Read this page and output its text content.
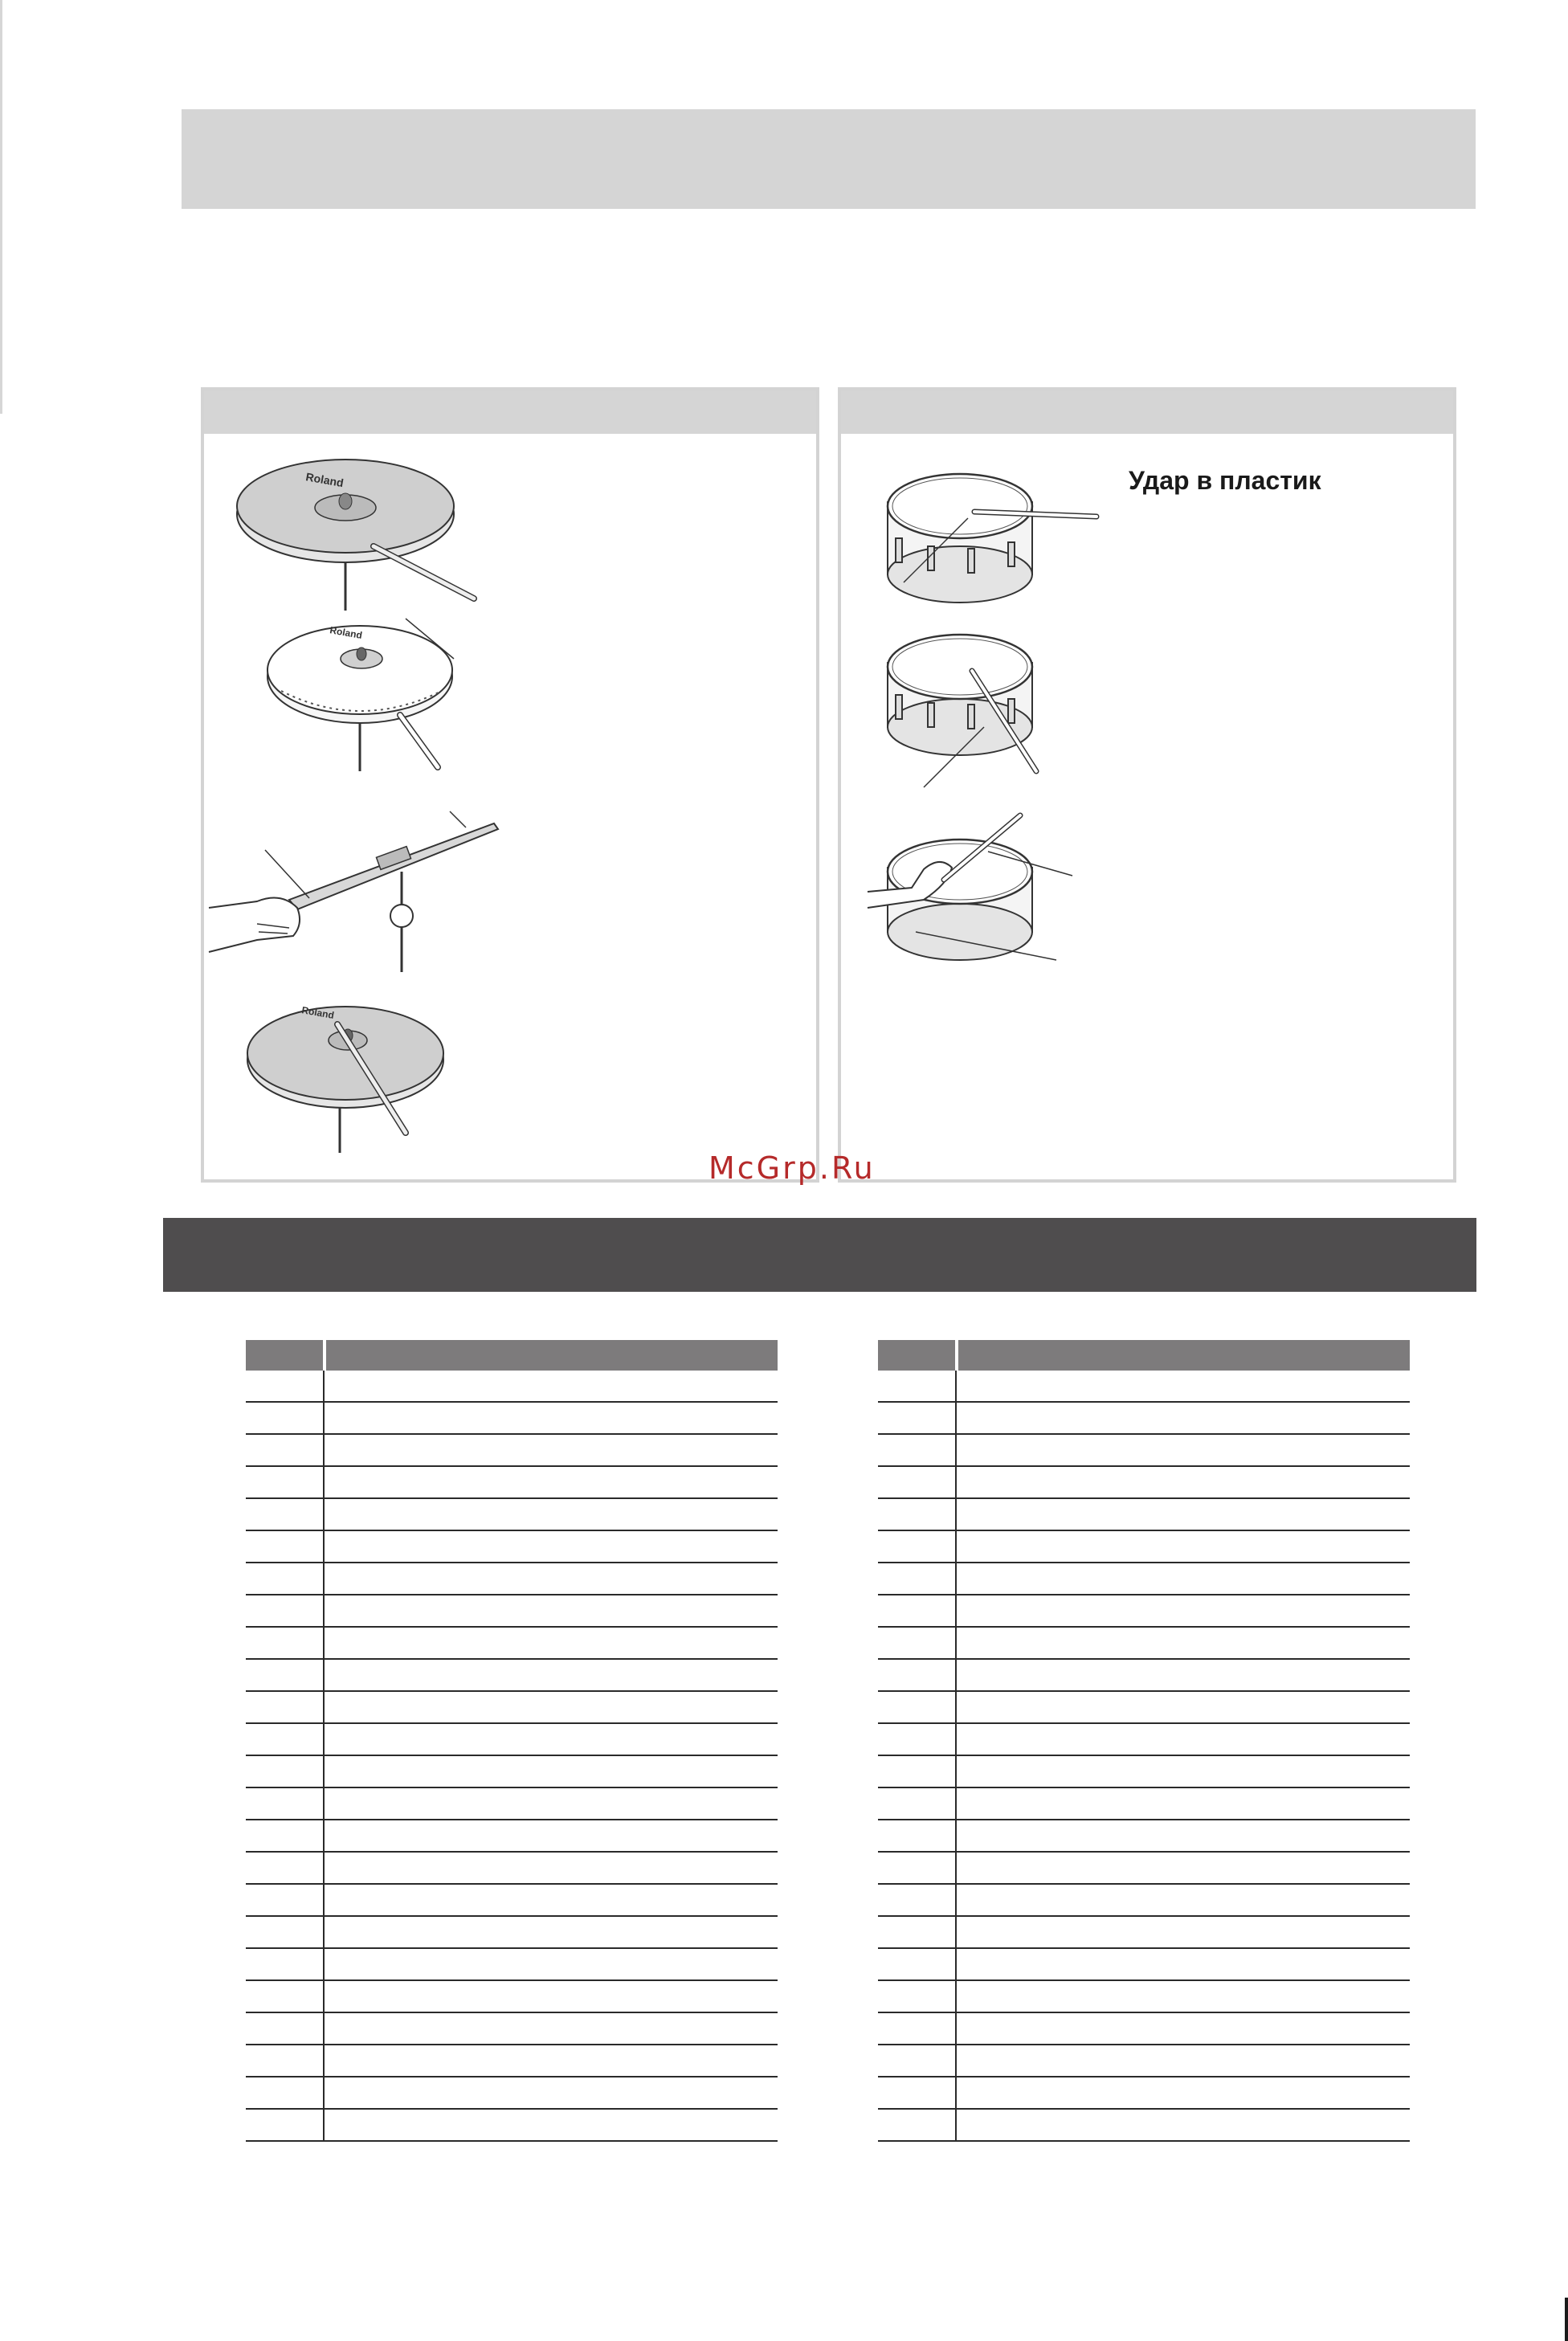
Roland
Roland
Roland
Удар в пластик
McGrp.Ru
